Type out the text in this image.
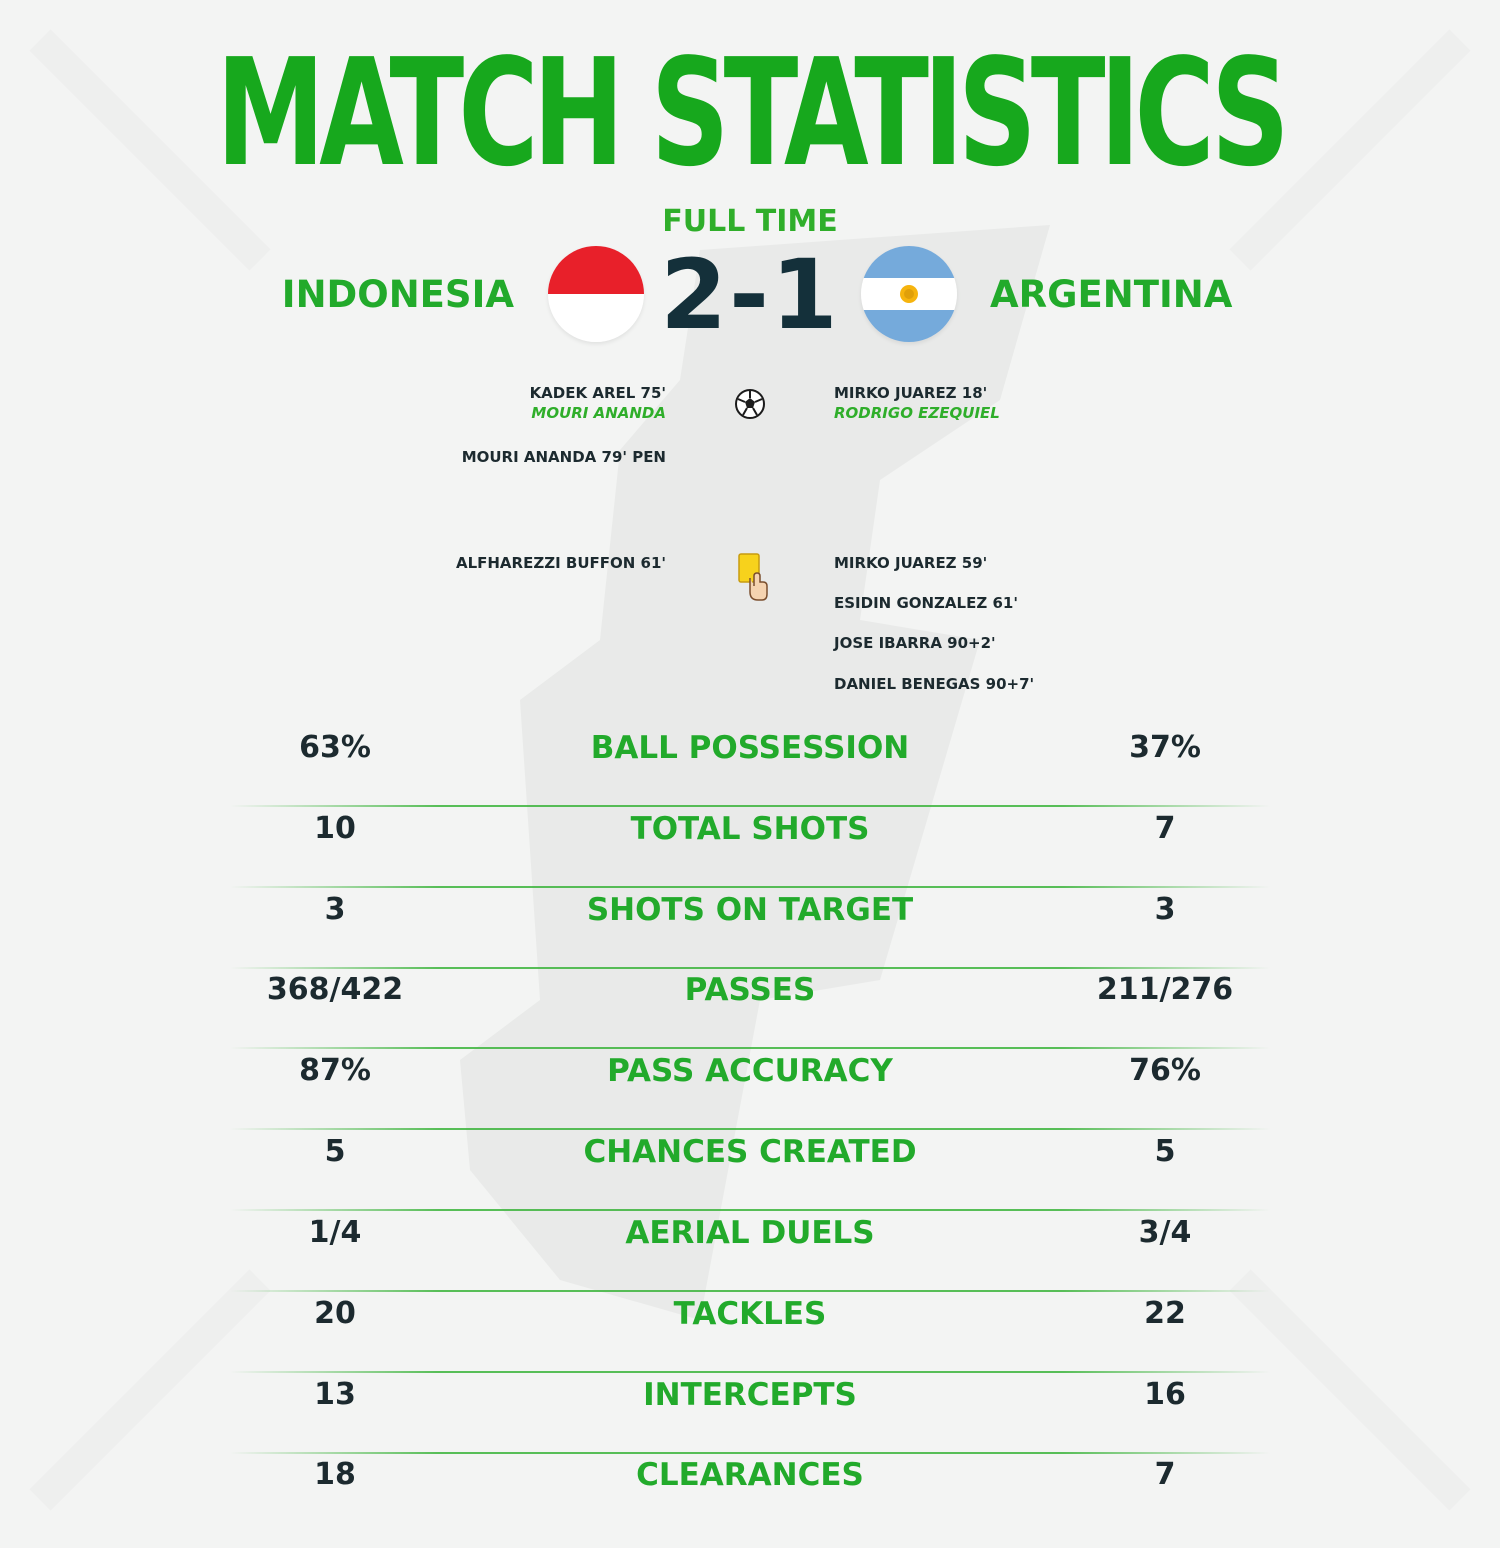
MATCH STATISTICS
FULL TIME
INDONESIA 2-1	ARGENTINA
KADEK AREL 75'
MOURI ANANDA
MOURI ANANDA 79' PEN
MIRKO JUAREZ 18'
RODRIGO EZEQUIEL
ALFHAREZZI BUFFON 61'	MIRKO JUAREZ 59'
ESIDIN GONZALEZ 61'
JOSE IBARRA 90+2'
DANIEL BENEGAS 90+7'
63%	BALL POSSESSION	37%
10	TOTAL SHOTS	7
3	SHOTS ON TARGET	3
368/422	PASSES	211/276
87%	PASS ACCURACY	76%
5	CHANCES CREATED	5
1/4	AERIAL DUELS	3/4
20	TACKLES	22
13	INTERCEPTS	16
18	CLEARANCES	7
